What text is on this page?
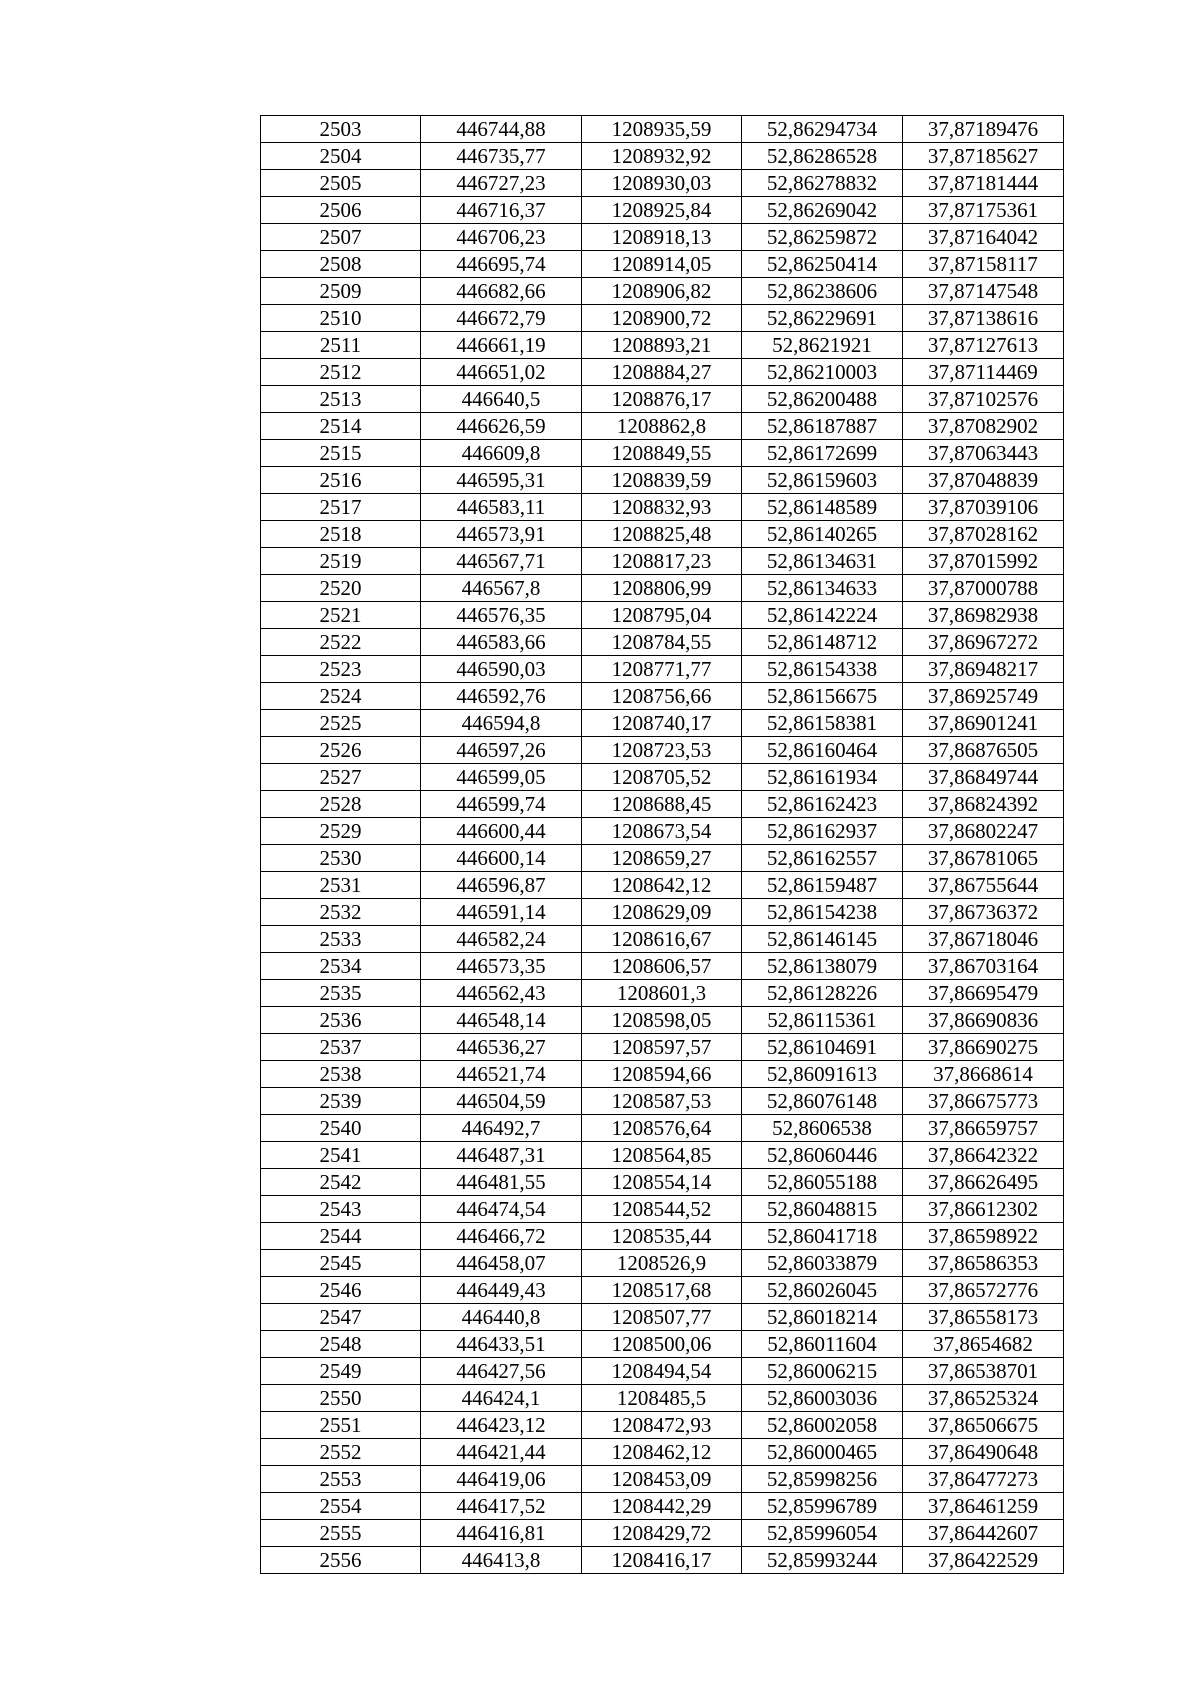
2503	446744,88	1208935,59	52,86294734	37,87189476
2504	446735,77	1208932,92	52,86286528	37,87185627
2505	446727,23	1208930,03	52,86278832	37,87181444
2506	446716,37	1208925,84	52,86269042	37,87175361
2507	446706,23	1208918,13	52,86259872	37,87164042
2508	446695,74	1208914,05	52,86250414	37,87158117
2509	446682,66	1208906,82	52,86238606	37,87147548
2510	446672,79	1208900,72	52,86229691	37,87138616
2511	446661,19	1208893,21	52,8621921	37,87127613
2512	446651,02	1208884,27	52,86210003	37,87114469
2513	446640,5	1208876,17	52,86200488	37,87102576
2514	446626,59	1208862,8	52,86187887	37,87082902
2515	446609,8	1208849,55	52,86172699	37,87063443
2516	446595,31	1208839,59	52,86159603	37,87048839
2517	446583,11	1208832,93	52,86148589	37,87039106
2518	446573,91	1208825,48	52,86140265	37,87028162
2519	446567,71	1208817,23	52,86134631	37,87015992
2520	446567,8	1208806,99	52,86134633	37,87000788
2521	446576,35	1208795,04	52,86142224	37,86982938
2522	446583,66	1208784,55	52,86148712	37,86967272
2523	446590,03	1208771,77	52,86154338	37,86948217
2524	446592,76	1208756,66	52,86156675	37,86925749
2525	446594,8	1208740,17	52,86158381	37,86901241
2526	446597,26	1208723,53	52,86160464	37,86876505
2527	446599,05	1208705,52	52,86161934	37,86849744
2528	446599,74	1208688,45	52,86162423	37,86824392
2529	446600,44	1208673,54	52,86162937	37,86802247
2530	446600,14	1208659,27	52,86162557	37,86781065
2531	446596,87	1208642,12	52,86159487	37,86755644
2532	446591,14	1208629,09	52,86154238	37,86736372
2533	446582,24	1208616,67	52,86146145	37,86718046
2534	446573,35	1208606,57	52,86138079	37,86703164
2535	446562,43	1208601,3	52,86128226	37,86695479
2536	446548,14	1208598,05	52,86115361	37,86690836
2537	446536,27	1208597,57	52,86104691	37,86690275
2538	446521,74	1208594,66	52,86091613	37,8668614
2539	446504,59	1208587,53	52,86076148	37,86675773
2540	446492,7	1208576,64	52,8606538	37,86659757
2541	446487,31	1208564,85	52,86060446	37,86642322
2542	446481,55	1208554,14	52,86055188	37,86626495
2543	446474,54	1208544,52	52,86048815	37,86612302
2544	446466,72	1208535,44	52,86041718	37,86598922
2545	446458,07	1208526,9	52,86033879	37,86586353
2546	446449,43	1208517,68	52,86026045	37,86572776
2547	446440,8	1208507,77	52,86018214	37,86558173
2548	446433,51	1208500,06	52,86011604	37,8654682
2549	446427,56	1208494,54	52,86006215	37,86538701
2550	446424,1	1208485,5	52,86003036	37,86525324
2551	446423,12	1208472,93	52,86002058	37,86506675
2552	446421,44	1208462,12	52,86000465	37,86490648
2553	446419,06	1208453,09	52,85998256	37,86477273
2554	446417,52	1208442,29	52,85996789	37,86461259
2555	446416,81	1208429,72	52,85996054	37,86442607
2556	446413,8	1208416,17	52,85993244	37,86422529
